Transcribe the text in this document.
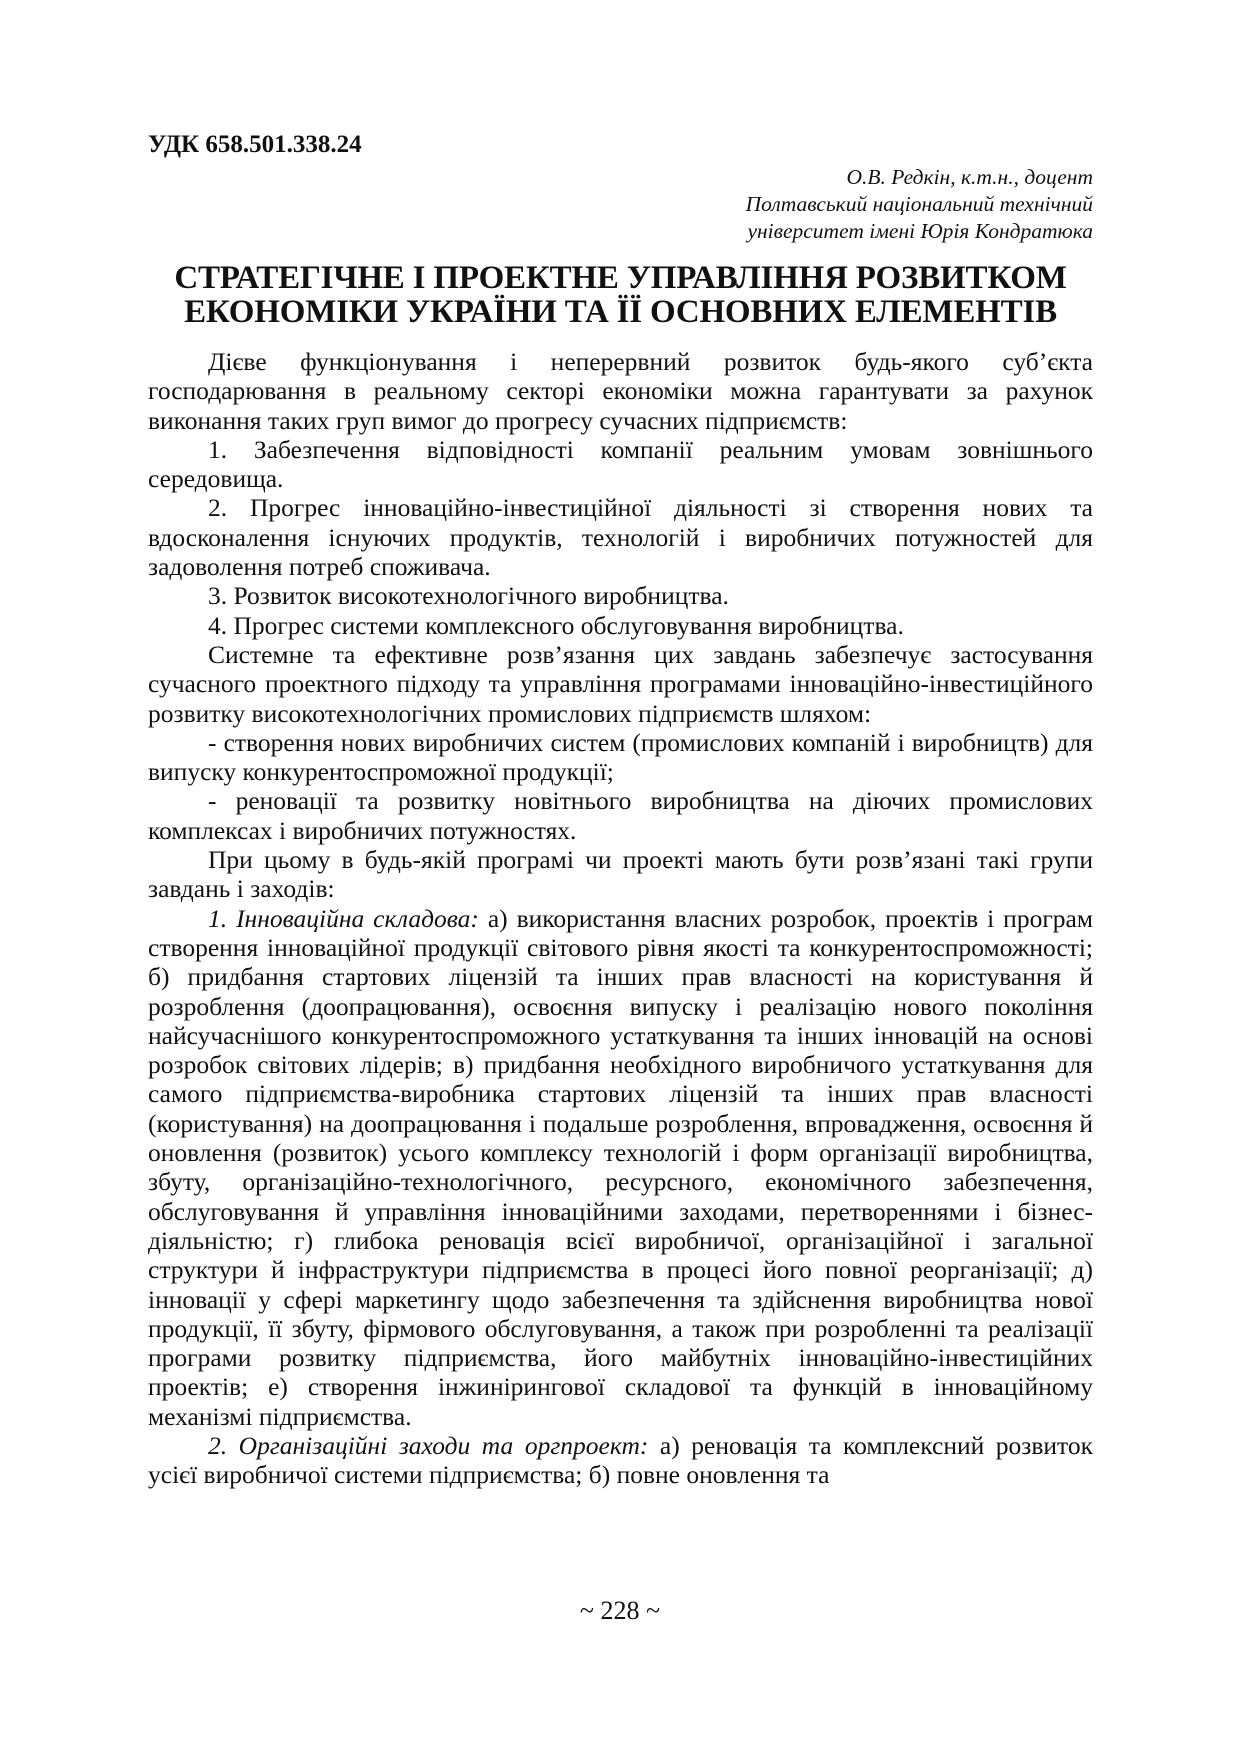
УДК 658.501.338.24
О.В. Редкін, к.т.н., доцент
Полтавський національний технічний
університет імені Юрія Кондратюка
СТРАТЕГІЧНЕ І ПРОЕКТНЕ УПРАВЛІННЯ РОЗВИТКОМ
ЕКОНОМІКИ УКРАЇНИ ТА ЇЇ ОСНОВНИХ ЕЛЕМЕНТІВ

Дієве функціонування і неперервний розвиток будь-якого суб’єкта господарювання в реальному секторі економіки можна гарантувати за рахунок виконання таких груп вимог до прогресу сучасних підприємств:

1. Забезпечення відповідності компанії реальним умовам зовнішнього середовища.

2. Прогрес інноваційно-інвестиційної діяльності зі створення нових та вдосконалення існуючих продуктів, технологій і виробничих потужностей для задоволення потреб споживача.

3. Розвиток високотехнологічного виробництва.

4. Прогрес системи комплексного обслуговування виробництва.

Системне та ефективне розв’язання цих завдань забезпечує застосування сучасного проектного підходу та управління програмами інноваційно-інвестиційного розвитку високотехнологічних промислових підприємств шляхом:

- створення нових виробничих систем (промислових компаній і виробництв) для випуску конкурентоспроможної продукції;

- реновації та розвитку новітнього виробництва на діючих промислових комплексах і виробничих потужностях.

При цьому в будь-якій програмі чи проекті мають бути розв’язані такі групи завдань і заходів:

1. Інноваційна складова: а) використання власних розробок, проектів і програм створення інноваційної продукції світового рівня якості та конкурентоспроможності; б) придбання стартових ліцензій та інших прав власності на користування й розроблення (доопрацювання), освоєння випуску і реалізацію нового покоління найсучаснішого конкурентоспроможного устаткування та інших інновацій на основі розробок світових лідерів; в) придбання необхідного виробничого устаткування для самого підприємства-виробника стартових ліцензій та інших прав власності (користування) на доопрацювання і подальше розроблення, впровадження, освоєння й оновлення (розвиток) усього комплексу технологій і форм організації виробництва, збуту, організаційно-технологічного, ресурсного, економічного забезпечення, обслуговування й управління інноваційними заходами, перетвореннями і бізнес-діяльністю; г) глибока реновація всієї виробничої, організаційної і загальної структури й інфраструктури підприємства в процесі його повної реорганізації; д) інновації у сфері маркетингу щодо забезпечення та здійснення виробництва нової продукції, її збуту, фірмового обслуговування, а також при розробленні та реалізації програми розвитку підприємства, його майбутніх інноваційно-інвестиційних проектів; е) створення інжинірингової складової та функцій в інноваційному механізмі підприємства.

2. Організаційні заходи та оргпроект: а) реновація та комплексний розвиток усієї виробничої системи підприємства; б) повне оновлення та

~ 228 ~
